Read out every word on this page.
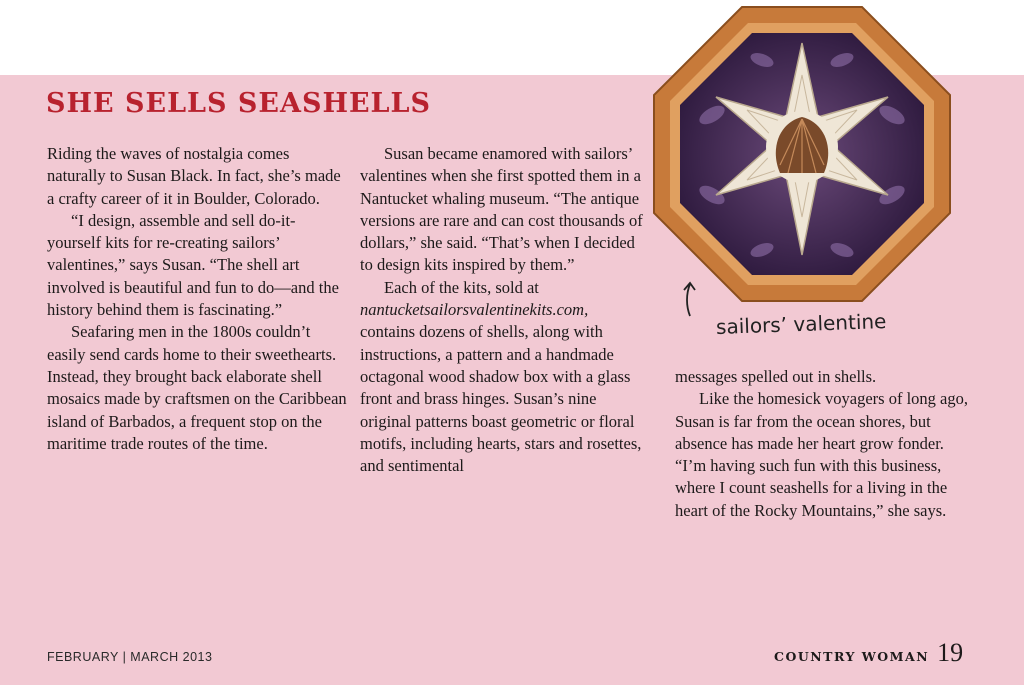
SHE SELLS SEASHELLS

Riding the waves of nostalgia comes naturally to Susan Black. In fact, she’s made a crafty career of it in Boulder, Colorado.

“I design, assemble and sell do-it-yourself kits for re-creating sailors’ valentines,” says Susan. “The shell art involved is beautiful and fun to do—and the history behind them is fascinating.”

Seafaring men in the 1800s couldn’t easily send cards home to their sweethearts. Instead, they brought back elaborate shell mosaics made by craftsmen on the Caribbean island of Barbados, a frequent stop on the maritime trade routes of the time.

Susan became enamored with sailors’ valentines when she first spotted them in a Nantucket whaling museum. “The antique versions are rare and can cost thousands of dollars,” she said. “That’s when I decided to design kits inspired by them.”

Each of the kits, sold at nantucketsailorsvalentinekits.com, contains dozens of shells, along with instructions, a pattern and a handmade octagonal wood shadow box with a glass front and brass hinges. Susan’s nine original patterns boast geometric or floral motifs, including hearts, stars and rosettes, and sentimental

messages spelled out in shells.

Like the homesick voyagers of long ago, Susan is far from the ocean shores, but absence has made her heart grow fonder. “I’m having such fun with this business, where I count seashells for a living in the heart of the Rocky Mountains,” she says.

sailors’ valentine
FEBRUARY | MARCH 2013	COUNTRY WOMAN 19
